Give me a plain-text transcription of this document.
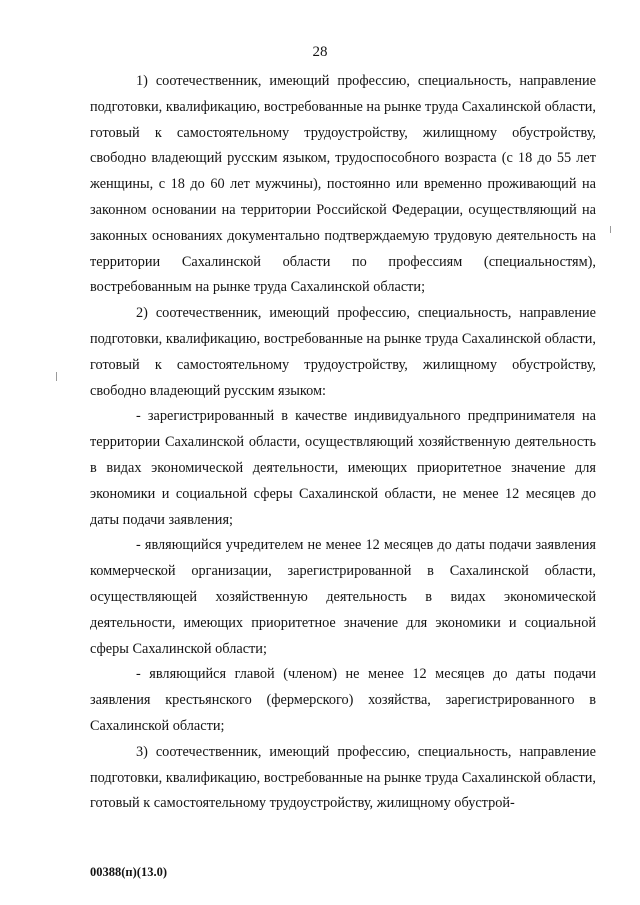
28

1) соотечественник, имеющий профессию, специальность, направление подготовки, квалификацию, востребованные на рынке труда Сахалинской области, готовый к самостоятельному трудоустройству, жилищному обустройству, свободно владеющий русским языком, трудоспособного возраста (с 18 до 55 лет женщины, с 18 до 60 лет мужчины), постоянно или временно проживающий на законном основании на территории Российской Федерации, осуществляющий на законных основаниях документально подтверждаемую трудовую деятельность на территории Сахалинской области по профессиям (специальностям), востребованным на рынке труда Сахалинской области;

2) соотечественник, имеющий профессию, специальность, направление подготовки, квалификацию, востребованные на рынке труда Сахалинской области, готовый к самостоятельному трудоустройству, жилищному обустройству, свободно владеющий русским языком:

- зарегистрированный в качестве индивидуального предпринимателя на территории Сахалинской области, осуществляющий хозяйственную деятельность в видах экономической деятельности, имеющих приоритетное значение для экономики и социальной сферы Сахалинской области, не менее 12 месяцев до даты подачи заявления;

- являющийся учредителем не менее 12 месяцев до даты подачи заявления коммерческой организации, зарегистрированной в Сахалинской области, осуществляющей хозяйственную деятельность в видах экономической деятельности, имеющих приоритетное значение для экономики и социальной сферы Сахалинской области;

- являющийся главой (членом) не менее 12 месяцев до даты подачи заявления крестьянского (фермерского) хозяйства, зарегистрированного в Сахалинской области;

3) соотечественник, имеющий профессию, специальность, направление подготовки, квалификацию, востребованные на рынке труда Сахалинской области, готовый к самостоятельному трудоустройству, жилищному обустрой-

00388(п)(13.0)
